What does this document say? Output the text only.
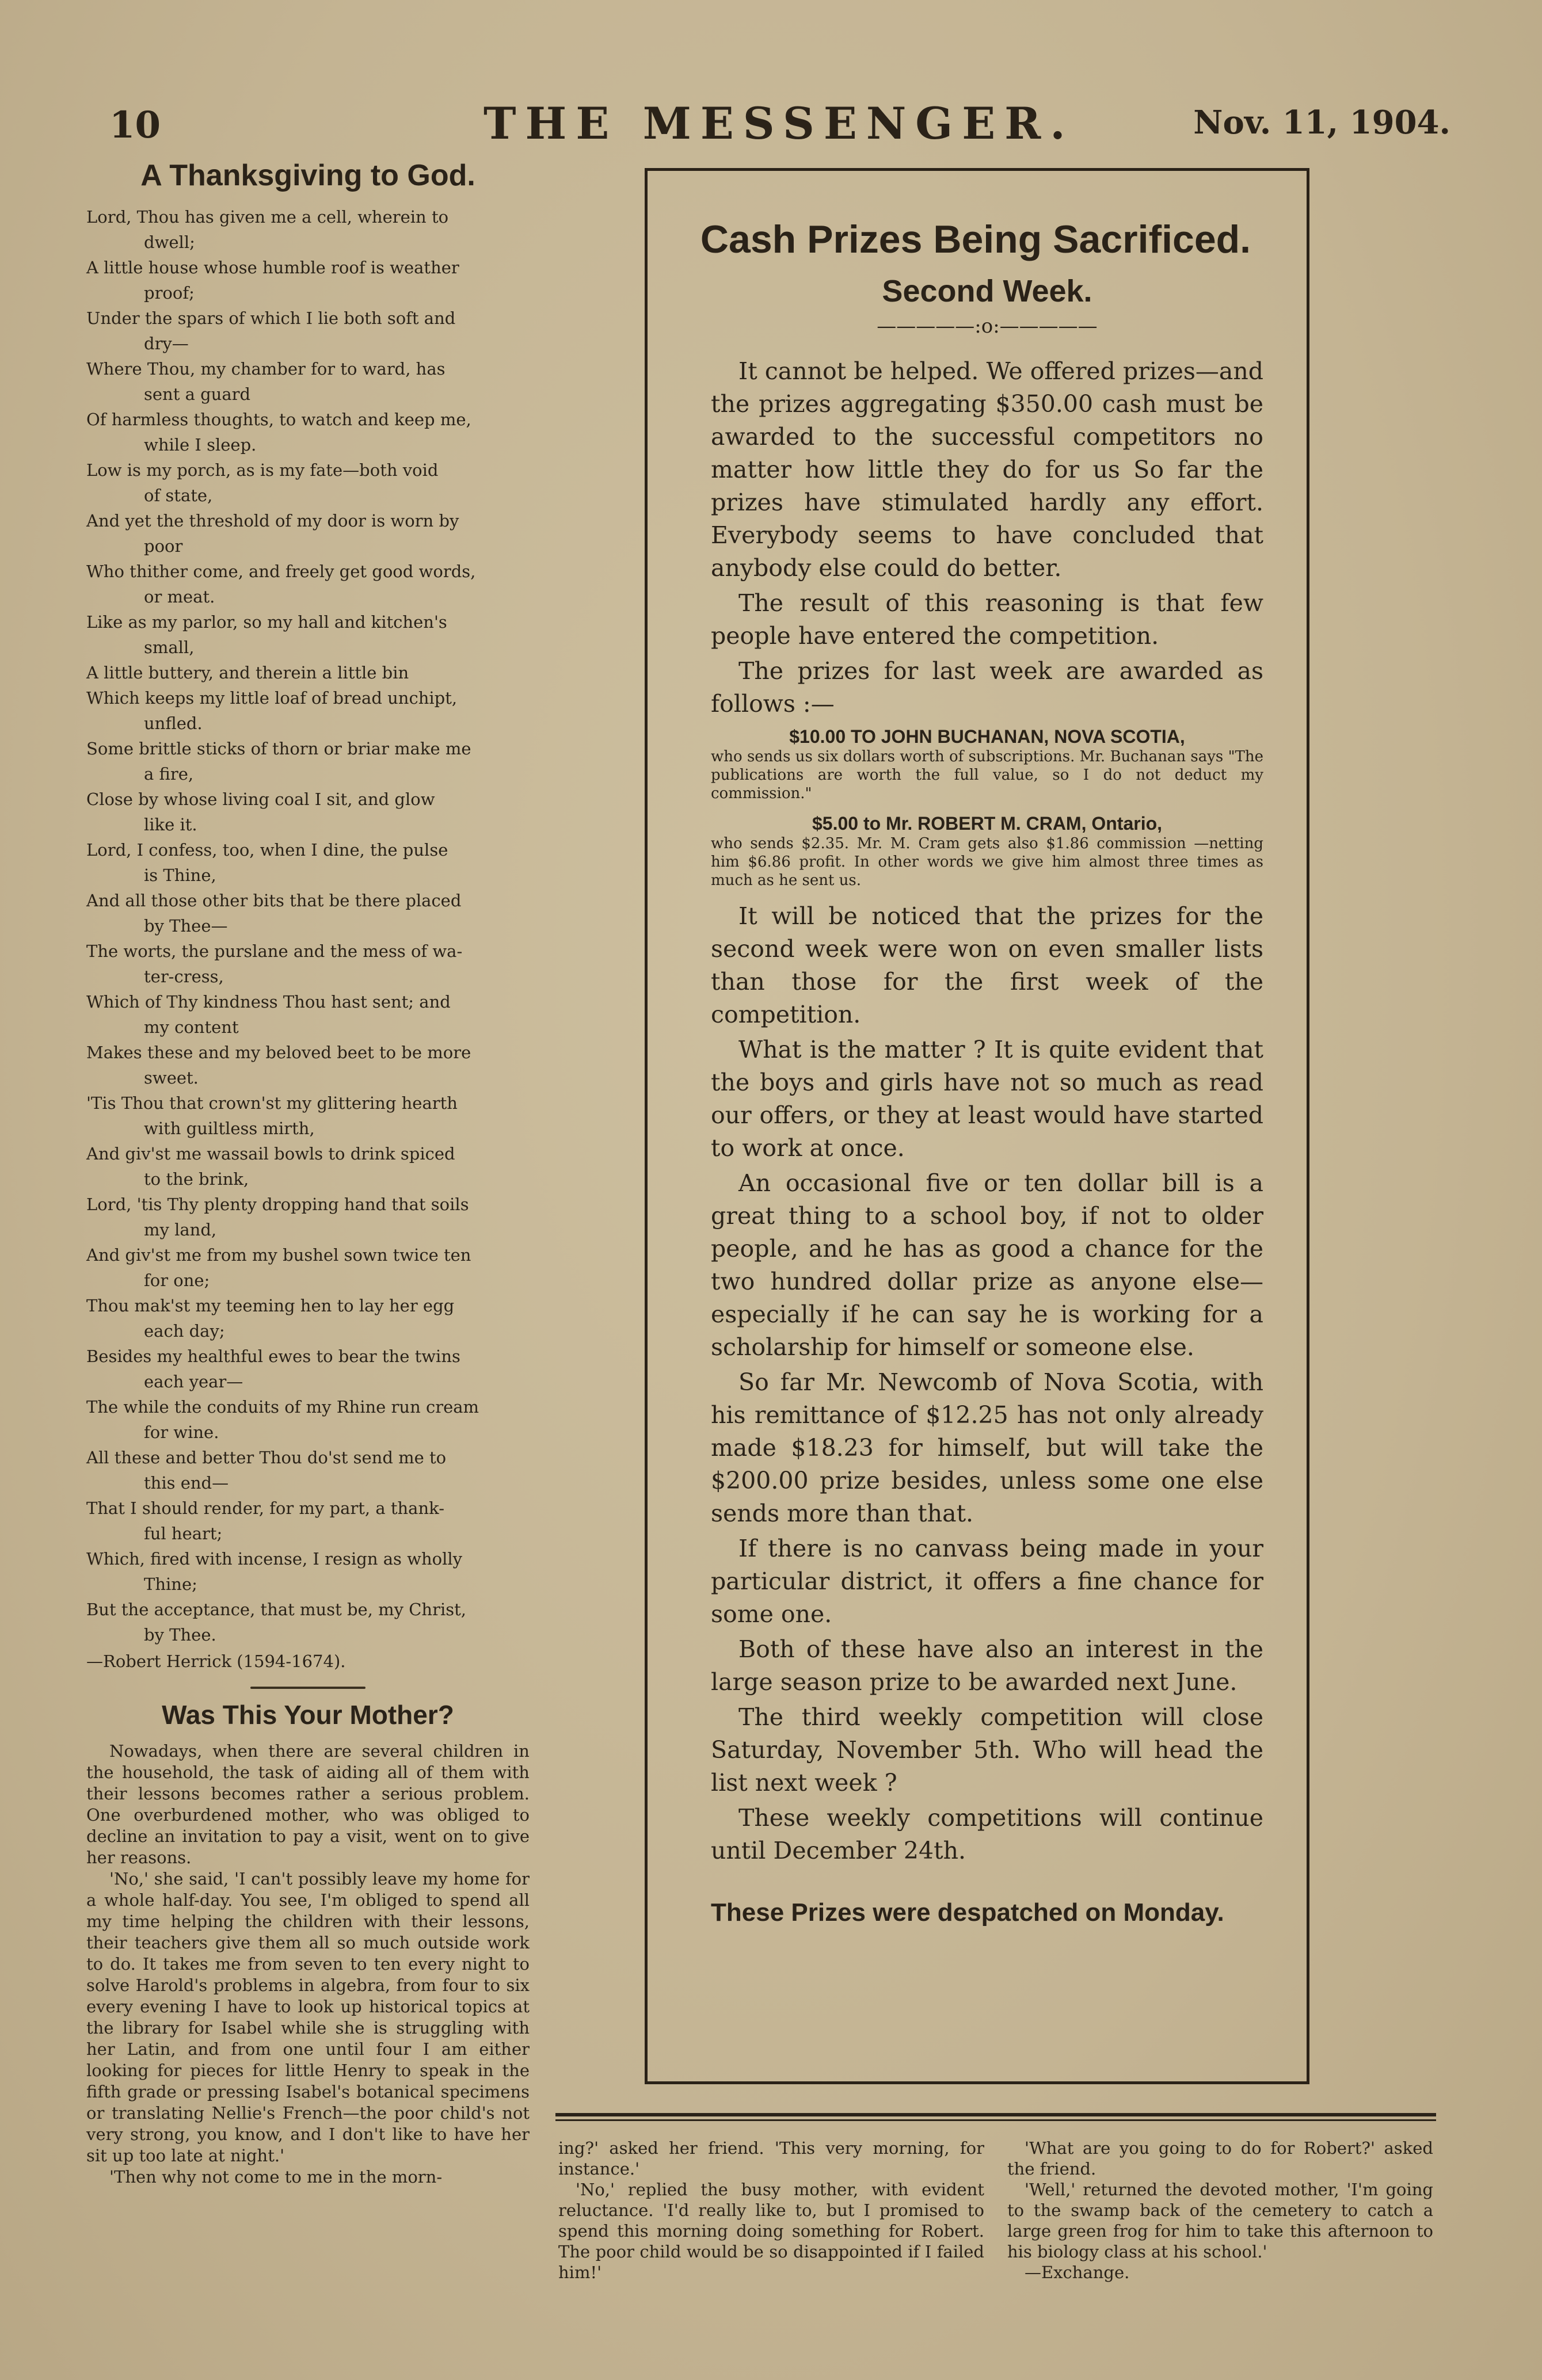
10	THE MESSENGER.	Nov. 11, 1904.
A Thanksgiving to God.
Lord, Thou has given me a cell, wherein to
dwell;
A little house whose humble roof is weather
proof;
Under the spars of which I lie both soft and
dry—
Where Thou, my chamber for to ward, has
sent a guard
Of harmless thoughts, to watch and keep me,
while I sleep.
Low is my porch, as is my fate—both void
of state,
And yet the threshold of my door is worn by
poor
Who thither come, and freely get good words,
or meat.
Like as my parlor, so my hall and kitchen's
small,
A little buttery, and therein a little bin
Which keeps my little loaf of bread unchipt,
unfled.
Some brittle sticks of thorn or briar make me
a fire,
Close by whose living coal I sit, and glow
like it.
Lord, I confess, too, when I dine, the pulse
is Thine,
And all those other bits that be there placed
by Thee—
The worts, the purslane and the mess of wa-
ter-cress,
Which of Thy kindness Thou hast sent; and
my content
Makes these and my beloved beet to be more
sweet.
'Tis Thou that crown'st my glittering hearth
with guiltless mirth,
And giv'st me wassail bowls to drink spiced
to the brink,
Lord, 'tis Thy plenty dropping hand that soils
my land,
And giv'st me from my bushel sown twice ten
for one;
Thou mak'st my teeming hen to lay her egg
each day;
Besides my healthful ewes to bear the twins
each year—
The while the conduits of my Rhine run cream
for wine.
All these and better Thou do'st send me to
this end—
That I should render, for my part, a thank-
ful heart;
Which, fired with incense, I resign as wholly
Thine;
But the acceptance, that must be, my Christ,
by Thee.
—Robert Herrick (1594-1674).
Was This Your Mother?

Nowadays, when there are several children in the household, the task of aiding all of them with their lessons becomes rather a serious problem. One overburdened mother, who was obliged to decline an invitation to pay a visit, went on to give her reasons.

'No,' she said, 'I can't possibly leave my home for a whole half-day. You see, I'm obliged to spend all my time helping the children with their lessons, their teachers give them all so much outside work to do. It takes me from seven to ten every night to solve Harold's problems in algebra, from four to six every evening I have to look up historical topics at the library for Isabel while she is struggling with her Latin, and from one until four I am either looking for pieces for little Henry to speak in the fifth grade or pressing Isabel's botanical specimens or translating Nellie's French—the poor child's not very strong, you know, and I don't like to have her sit up too late at night.'

'Then why not come to me in the morn-

Cash Prizes Being Sacrificed.
Second Week.
—————:o:—————

It cannot be helped. We offered prizes—and the prizes aggregating $350.00 cash must be awarded to the successful competitors no matter how little they do for us So far the prizes have stimulated hardly any effort. Everybody seems to have concluded that anybody else could do better.

The result of this reasoning is that few people have entered the competition.

The prizes for last week are awarded as follows :—

$10.00 TO JOHN BUCHANAN, NOVA SCOTIA,

who sends us six dollars worth of subscriptions. Mr. Buchanan says "The publications are worth the full value, so I do not deduct my commission."

$5.00 to Mr. ROBERT M. CRAM, Ontario,

who sends $2.35. Mr. M. Cram gets also $1.86 commission —netting him $6.86 profit. In other words we give him almost three times as much as he sent us.

It will be noticed that the prizes for the second week were won on even smaller lists than those for the first week of the competition.

What is the matter ? It is quite evident that the boys and girls have not so much as read our offers, or they at least would have started to work at once.

An occasional five or ten dollar bill is a great thing to a school boy, if not to older people, and he has as good a chance for the two hundred dollar prize as anyone else—especially if he can say he is working for a scholarship for himself or someone else.

So far Mr. Newcomb of Nova Scotia, with his remittance of $12.25 has not only already made $18.23 for himself, but will take the $200.00 prize besides, unless some one else sends more than that.

If there is no canvass being made in your particular district, it offers a fine chance for some one.

Both of these have also an interest in the large season prize to be awarded next June.

The third weekly competition will close Saturday, November 5th. Who will head the list next week ?

These weekly competitions will continue until December 24th.

These Prizes were despatched on Monday.

ing?' asked her friend. 'This very morning, for instance.'

'No,' replied the busy mother, with evident reluctance. 'I'd really like to, but I promised to spend this morning doing something for Robert. The poor child would be so disappointed if I failed him!'

'What are you going to do for Robert?' asked the friend.

'Well,' returned the devoted mother, 'I'm going to the swamp back of the cemetery to catch a large green frog for him to take this afternoon to his biology class at his school.'

—Exchange.
